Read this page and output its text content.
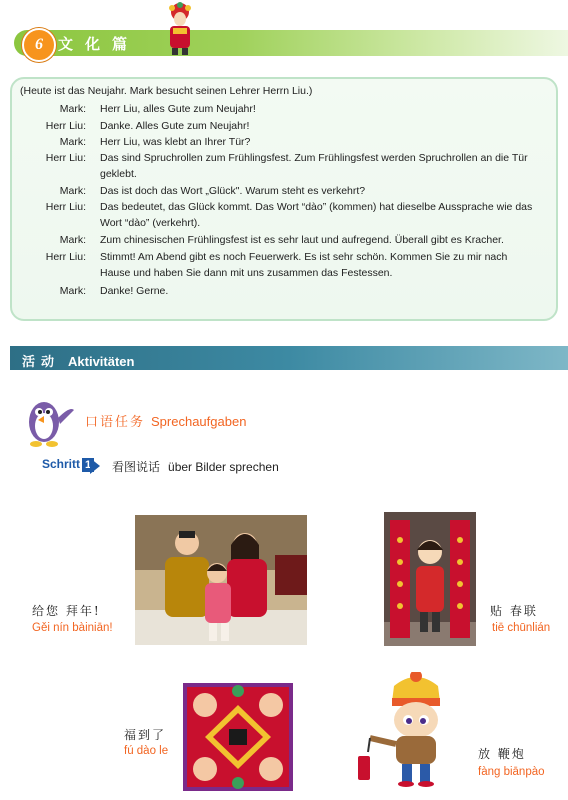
6	文化篇
(Heute ist das Neujahr. Mark besucht seinen Lehrer Herrn Liu.)
Mark: Herr Liu, alles Gute zum Neujahr!
Herr Liu: Danke. Alles Gute zum Neujahr!
Mark: Herr Liu, was klebt an Ihrer Tür?
Herr Liu: Das sind Spruchrollen zum Frühlingsfest. Zum Frühlingsfest werden Spruchrollen an die Tür geklebt.
Mark: Das ist doch das Wort „Glück". Warum steht es verkehrt?
Herr Liu: Das bedeutet, das Glück kommt. Das Wort “dào” (kommen) hat dieselbe Aussprache wie das Wort “dào” (verkehrt).
Mark: Zum chinesischen Frühlingsfest ist es sehr laut und aufregend. Überall gibt es Kracher.
Herr Liu: Stimmt! Am Abend gibt es noch Feuerwerk. Es ist sehr schön. Kommen Sie zu mir nach Hause und haben Sie dann mit uns zusammen das Festessen.
Mark: Danke! Gerne.
活动 Aktivitäten
口语任务 Sprechaufgaben
Schritt 1	看图说话 über Bilder sprechen
给您 拜年!
Gěi nín bàiniān!
贴 春联
tiē chūnlián
福到了
fú dào le	放 鞭炮
fàng biānpào
